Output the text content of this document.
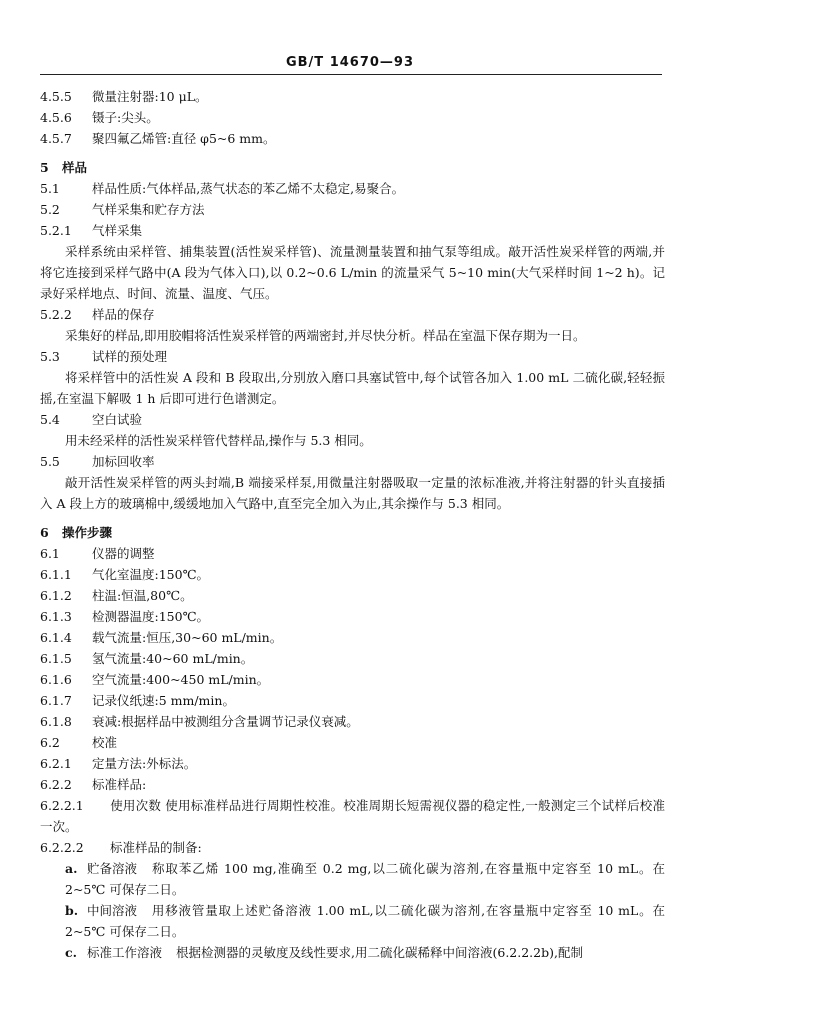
GB/T 14670—93
4.5.5 微量注射器:10 μL。
4.5.6 镊子:尖头。
4.5.7 聚四氟乙烯管:直径 φ5~6 mm。
5 样品
5.1	样品性质:气体样品,蒸气状态的苯乙烯不太稳定,易聚合。
5.2	气样采集和贮存方法
5.2.1 气样采集
采样系统由采样管、捕集装置(活性炭采样管)、流量测量装置和抽气泵等组成。敲开活性炭采样管的两端,并将它连接到采样气路中(A 段为气体入口),以 0.2~0.6 L/min 的流量采气 5~10 min(大气采样时间 1~2 h)。记录好采样地点、时间、流量、温度、气压。
5.2.2 样品的保存
采集好的样品,即用胶帽将活性炭采样管的两端密封,并尽快分析。样品在室温下保存期为一日。
5.3	试样的预处理
将采样管中的活性炭 A 段和 B 段取出,分别放入磨口具塞试管中,每个试管各加入 1.00 mL 二硫化碳,轻轻振摇,在室温下解吸 1 h 后即可进行色谱测定。
5.4	空白试验
用未经采样的活性炭采样管代替样品,操作与 5.3 相同。
5.5	加标回收率
敲开活性炭采样管的两头封端,B 端接采样泵,用微量注射器吸取一定量的浓标准液,并将注射器的针头直接插入 A 段上方的玻璃棉中,缓缓地加入气路中,直至完全加入为止,其余操作与 5.3 相同。
6 操作步骤
6.1	仪器的调整
6.1.1 气化室温度:150℃。
6.1.2 柱温:恒温,80℃。
6.1.3 检测器温度:150℃。
6.1.4 载气流量:恒压,30~60 mL/min。
6.1.5 氢气流量:40~60 mL/min。
6.1.6 空气流量:400~450 mL/min。
6.1.7 记录仪纸速:5 mm/min。
6.1.8 衰减:根据样品中被测组分含量调节记录仪衰减。
6.2	校准
6.2.1 定量方法:外标法。
6.2.2 标准样品:
6.2.2.1 使用次数 使用标准样品进行周期性校准。校准周期长短需视仪器的稳定性,一般测定三个试样后校准一次。
6.2.2.2 标准样品的制备:
a. 贮备溶液 称取苯乙烯 100 mg,准确至 0.2 mg,以二硫化碳为溶剂,在容量瓶中定容至 10 mL。在 2~5℃ 可保存二日。
b. 中间溶液 用移液管量取上述贮备溶液 1.00 mL,以二硫化碳为溶剂,在容量瓶中定容至 10 mL。在 2~5℃ 可保存二日。
c. 标准工作溶液 根据检测器的灵敏度及线性要求,用二硫化碳稀释中间溶液(6.2.2.2b),配制
